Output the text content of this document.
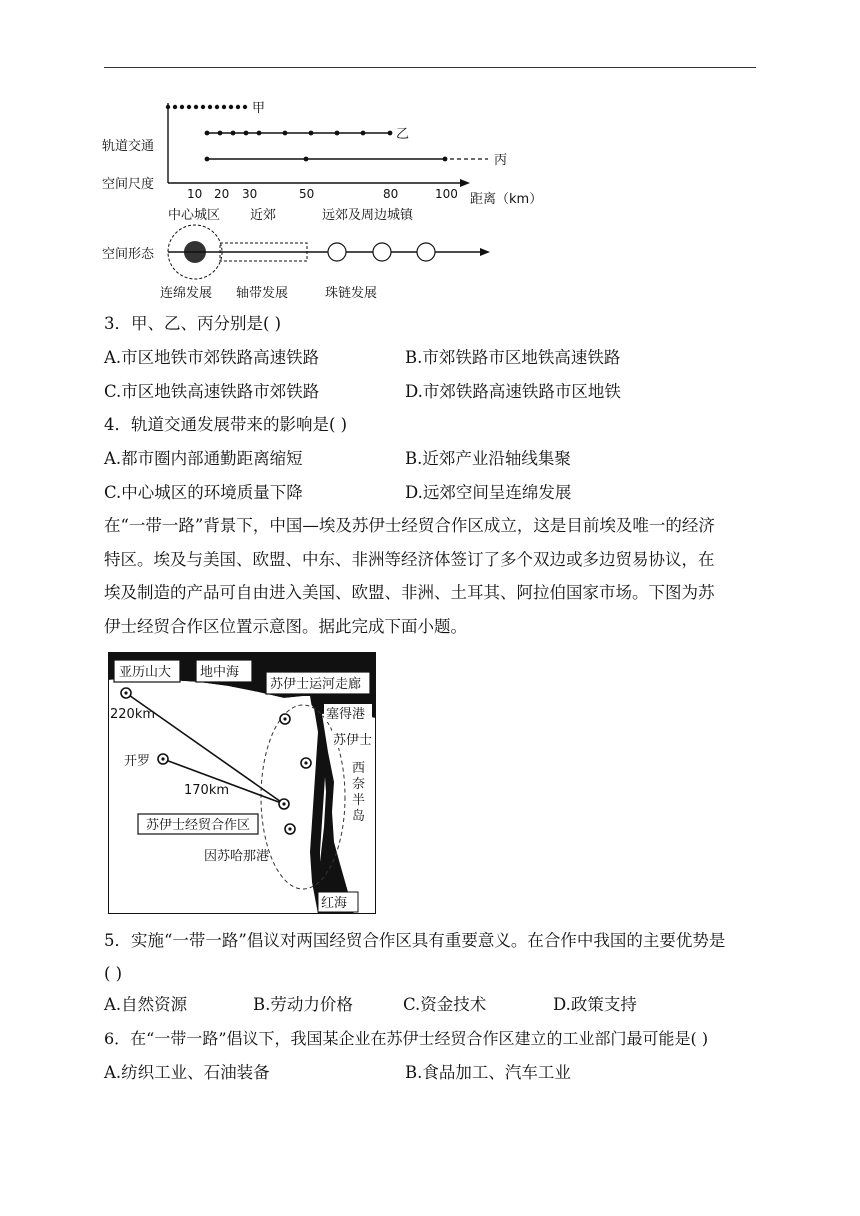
轨道交通
空间尺度
空间形态
甲
乙
丙
10 20 30	50	80	100 距离（km）
中心城区 近郊	远郊及周边城镇
连绵发展 轴带发展	珠链发展
3．甲、乙、丙分别是( )
A.市区地铁市郊铁路高速铁路	B.市郊铁路市区地铁高速铁路
C.市区地铁高速铁路市郊铁路	D.市郊铁路高速铁路市区地铁
4．轨道交通发展带来的影响是( )
A.都市圈内部通勤距离缩短	B.近郊产业沿轴线集聚
C.中心城区的环境质量下降	D.远郊空间呈连绵发展
在“一带一路”背景下，中国—埃及苏伊士经贸合作区成立，这是目前埃及唯一的经济
特区。埃及与美国、欧盟、中东、非洲等经济体签订了多个双边或多边贸易协议，在
埃及制造的产品可自由进入美国、欧盟、非洲、土耳其、阿拉伯国家市场。下图为苏
伊士经贸合作区位置示意图。据此完成下面小题。
亚历山大 地中海
苏伊士运河走廊
塞得港
苏伊士
西奈半岛
220km
开罗
170km
苏伊士经贸合作区
因苏哈那港
红海
5．实施“一带一路”倡议对两国经贸合作区具有重要意义。在合作中我国的主要优势是
( )
A.自然资源	B.劳动力价格	C.资金技术	D.政策支持
6．在“一带一路”倡议下，我国某企业在苏伊士经贸合作区建立的工业部门最可能是( )
A.纺织工业、石油装备	B.食品加工、汽车工业
